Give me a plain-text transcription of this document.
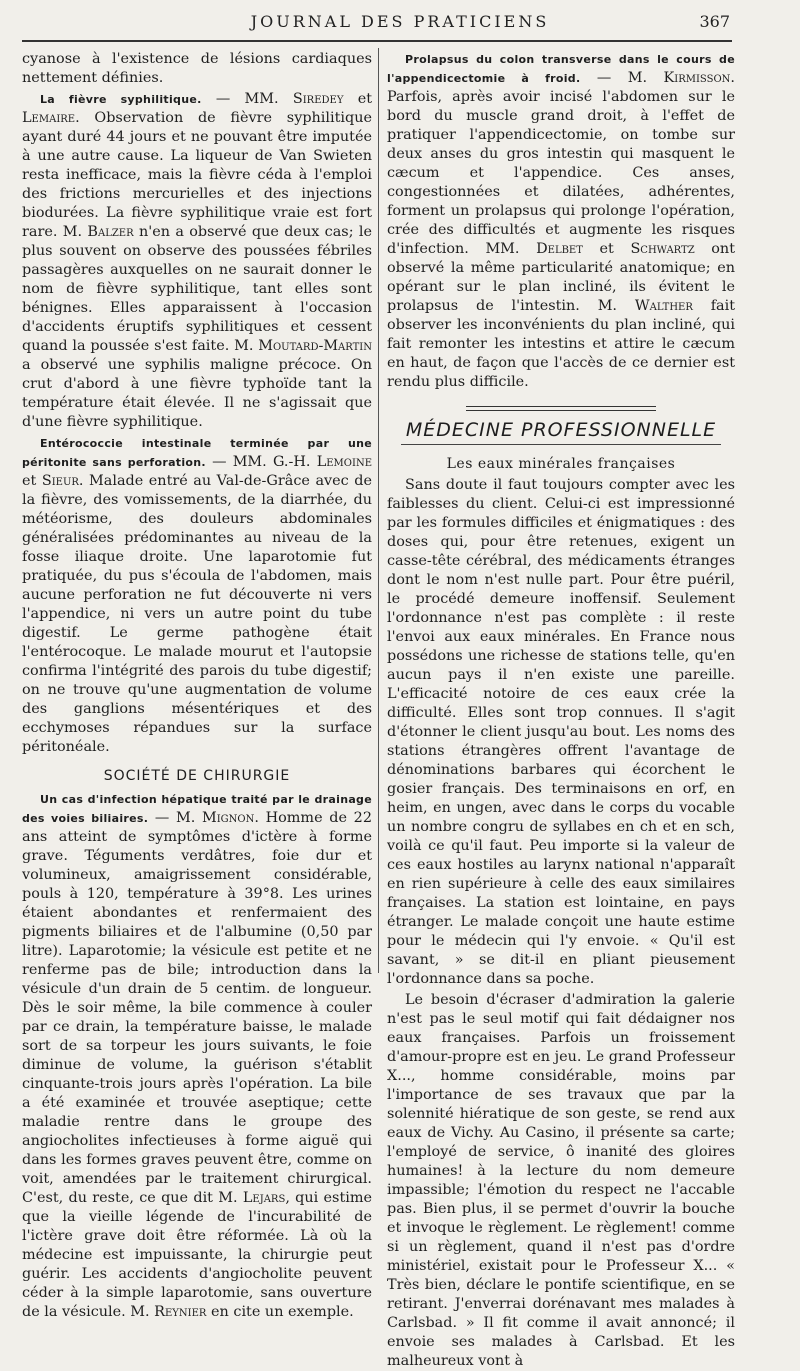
JOURNAL DES PRATICIENS	367

cyanose à l'existence de lésions cardiaques nettement définies.

La fièvre syphilitique. — MM. Siredey et Lemaire. Observation de fièvre syphilitique ayant duré 44 jours et ne pouvant être imputée à une autre cause. La liqueur de Van Swieten resta inefficace, mais la fièvre céda à l'emploi des frictions mercurielles et des injections biodurées. La fièvre syphilitique vraie est fort rare. M. Balzer n'en a observé que deux cas; le plus souvent on observe des poussées fébriles passagères auxquelles on ne saurait donner le nom de fièvre syphilitique, tant elles sont bénignes. Elles apparaissent à l'occasion d'accidents éruptifs syphilitiques et cessent quand la poussée s'est faite. M. Moutard-Martin a observé une syphilis maligne précoce. On crut d'abord à une fièvre typhoïde tant la température était élevée. Il ne s'agissait que d'une fièvre syphilitique.

Entérococcie intestinale terminée par une péritonite sans perforation. — MM. G.-H. Lemoine et Sieur. Malade entré au Val-de-Grâce avec de la fièvre, des vomissements, de la diarrhée, du météorisme, des douleurs abdominales généralisées prédominantes au niveau de la fosse iliaque droite. Une laparotomie fut pratiquée, du pus s'écoula de l'abdomen, mais aucune perforation ne fut découverte ni vers l'appendice, ni vers un autre point du tube digestif. Le germe pathogène était l'entérocoque. Le malade mourut et l'autopsie confirma l'intégrité des parois du tube digestif; on ne trouve qu'une augmentation de volume des ganglions mésentériques et des ecchymoses répandues sur la surface péritonéale.

SOCIÉTÉ DE CHIRURGIE

Un cas d'infection hépatique traité par le drainage des voies biliaires. — M. Mignon. Homme de 22 ans atteint de symptômes d'ictère à forme grave. Téguments verdâtres, foie dur et volumineux, amaigrissement considérable, pouls à 120, température à 39°8. Les urines étaient abondantes et renfermaient des pigments biliaires et de l'albumine (0,50 par litre). Laparotomie; la vésicule est petite et ne renferme pas de bile; introduction dans la vésicule d'un drain de 5 centim. de longueur. Dès le soir même, la bile commence à couler par ce drain, la température baisse, le malade sort de sa torpeur les jours suivants, le foie diminue de volume, la guérison s'établit cinquante-trois jours après l'opération. La bile a été examinée et trouvée aseptique; cette maladie rentre dans le groupe des angiocholites infectieuses à forme aiguë qui dans les formes graves peuvent être, comme on voit, amendées par le traitement chirurgical. C'est, du reste, ce que dit M. Lejars, qui estime que la vieille légende de l'incurabilité de l'ictère grave doit être réformée. Là où la médecine est impuissante, la chirurgie peut guérir. Les accidents d'angiocholite peuvent céder à la simple laparotomie, sans ouverture de la vésicule. M. Reynier en cite un exemple.

Prolapsus du colon transverse dans le cours de l'appendicectomie à froid. — M. Kirmisson. Parfois, après avoir incisé l'abdomen sur le bord du muscle grand droit, à l'effet de pratiquer l'appendicectomie, on tombe sur deux anses du gros intestin qui masquent le cæcum et l'appendice. Ces anses, congestionnées et dilatées, adhérentes, forment un prolapsus qui prolonge l'opération, crée des difficultés et augmente les risques d'infection. MM. Delbet et Schwartz ont observé la même particularité anatomique; en opérant sur le plan incliné, ils évitent le prolapsus de l'intestin. M. Walther fait observer les inconvénients du plan incliné, qui fait remonter les intestins et attire le cæcum en haut, de façon que l'accès de ce dernier est rendu plus difficile.

MÉDECINE PROFESSIONNELLE

Les eaux minérales françaises

Sans doute il faut toujours compter avec les faiblesses du client. Celui-ci est impressionné par les formules difficiles et énigmatiques : des doses qui, pour être retenues, exigent un casse-tête cérébral, des médicaments étranges dont le nom n'est nulle part. Pour être puéril, le procédé demeure inoffensif. Seulement l'ordonnance n'est pas complète : il reste l'envoi aux eaux minérales. En France nous possédons une richesse de stations telle, qu'en aucun pays il n'en existe une pareille. L'efficacité notoire de ces eaux crée la difficulté. Elles sont trop connues. Il s'agit d'étonner le client jusqu'au bout. Les noms des stations étrangères offrent l'avantage de dénominations barbares qui écorchent le gosier français. Des terminaisons en orf, en heim, en ungen, avec dans le corps du vocable un nombre congru de syllabes en ch et en sch, voilà ce qu'il faut. Peu importe si la valeur de ces eaux hostiles au larynx national n'apparaît en rien supérieure à celle des eaux similaires françaises. La station est lointaine, en pays étranger. Le malade conçoit une haute estime pour le médecin qui l'y envoie. « Qu'il est savant, » se dit-il en pliant pieusement l'ordonnance dans sa poche.

Le besoin d'écraser d'admiration la galerie n'est pas le seul motif qui fait dédaigner nos eaux françaises. Parfois un froissement d'amour-propre est en jeu. Le grand Professeur X..., homme considérable, moins par l'importance de ses travaux que par la solennité hiératique de son geste, se rend aux eaux de Vichy. Au Casino, il présente sa carte; l'employé de service, ô inanité des gloires humaines! à la lecture du nom demeure impassible; l'émotion du respect ne l'accable pas. Bien plus, il se permet d'ouvrir la bouche et invoque le règlement. Le règlement! comme si un règlement, quand il n'est pas d'ordre ministériel, existait pour le Professeur X... « Très bien, déclare le pontife scientifique, en se retirant. J'enverrai dorénavant mes malades à Carlsbad. » Il fit comme il avait annoncé; il envoie ses malades à Carlsbad. Et les malheureux vont à
